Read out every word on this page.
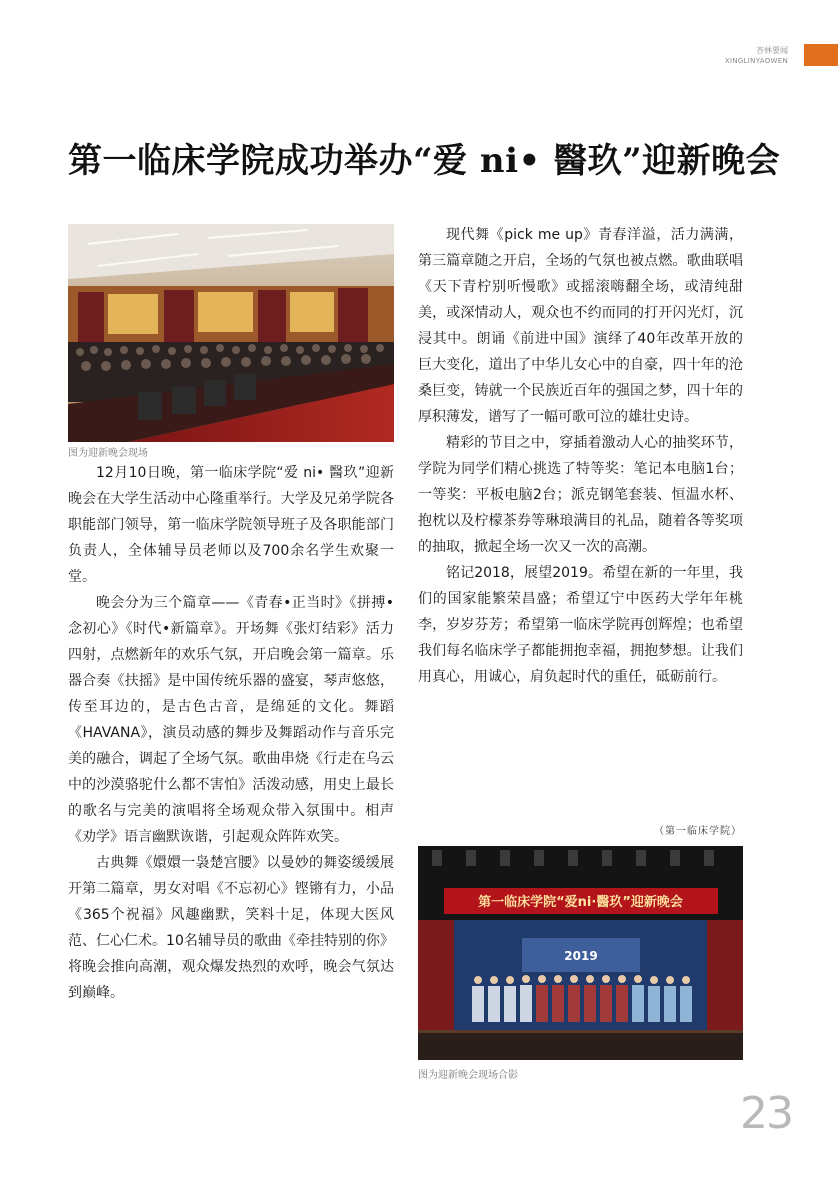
杏林要闻
XINGLINYAOWEN
第一临床学院成功举办“爱 ni• 醫玖”迎新晚会
图为迎新晚会现场

12月10日晚，第一临床学院“爱 ni• 醫玖”迎新晚会在大学生活动中心隆重举行。大学及兄弟学院各职能部门领导，第一临床学院领导班子及各职能部门负责人，全体辅导员老师以及700余名学生欢聚一堂。

晚会分为三个篇章——《青春•正当时》《拼搏•念初心》《时代•新篇章》。开场舞《张灯结彩》活力四射，点燃新年的欢乐气氛，开启晚会第一篇章。乐器合奏《扶摇》是中国传统乐器的盛宴，琴声悠悠，传至耳边的，是古色古音，是绵延的文化。舞蹈《HAVANA》，演员动感的舞步及舞蹈动作与音乐完美的融合，调起了全场气氛。歌曲串烧《行走在乌云中的沙漠骆驼什么都不害怕》活泼动感，用史上最长的歌名与完美的演唱将全场观众带入氛围中。相声《劝学》语言幽默诙谐，引起观众阵阵欢笑。

古典舞《嬛嬛一袅楚宫腰》以曼妙的舞姿缓缓展开第二篇章，男女对唱《不忘初心》铿锵有力，小品《365个祝福》风趣幽默，笑料十足，体现大医风范、仁心仁术。10名辅导员的歌曲《牵挂特别的你》将晚会推向高潮，观众爆发热烈的欢呼，晚会气氛达到巅峰。

现代舞《pick me up》青春洋溢，活力满满，第三篇章随之开启，全场的气氛也被点燃。歌曲联唱《天下青柠别听慢歌》或摇滚嗨翻全场，或清纯甜美，或深情动人，观众也不约而同的打开闪光灯，沉浸其中。朗诵《前进中国》演绎了40年改革开放的巨大变化，道出了中华儿女心中的自豪，四十年的沧桑巨变，铸就一个民族近百年的强国之梦，四十年的厚积薄发，谱写了一幅可歌可泣的雄壮史诗。

精彩的节目之中，穿插着激动人心的抽奖环节，学院为同学们精心挑选了特等奖：笔记本电脑1台；一等奖：平板电脑2台；派克钢笔套装、恒温水杯、抱枕以及柠檬茶券等琳琅满目的礼品，随着各等奖项的抽取，掀起全场一次又一次的高潮。

铭记2018，展望2019。希望在新的一年里，我们的国家能繁荣昌盛；希望辽宁中医药大学年年桃李，岁岁芬芳；希望第一临床学院再创辉煌；也希望我们每名临床学子都能拥抱幸福，拥抱梦想。让我们用真心，用诚心，肩负起时代的重任，砥砺前行。

（第一临床学院）
第一临床学院“爱ni·醫玖”迎新晚会
2019
图为迎新晚会现场合影
23
